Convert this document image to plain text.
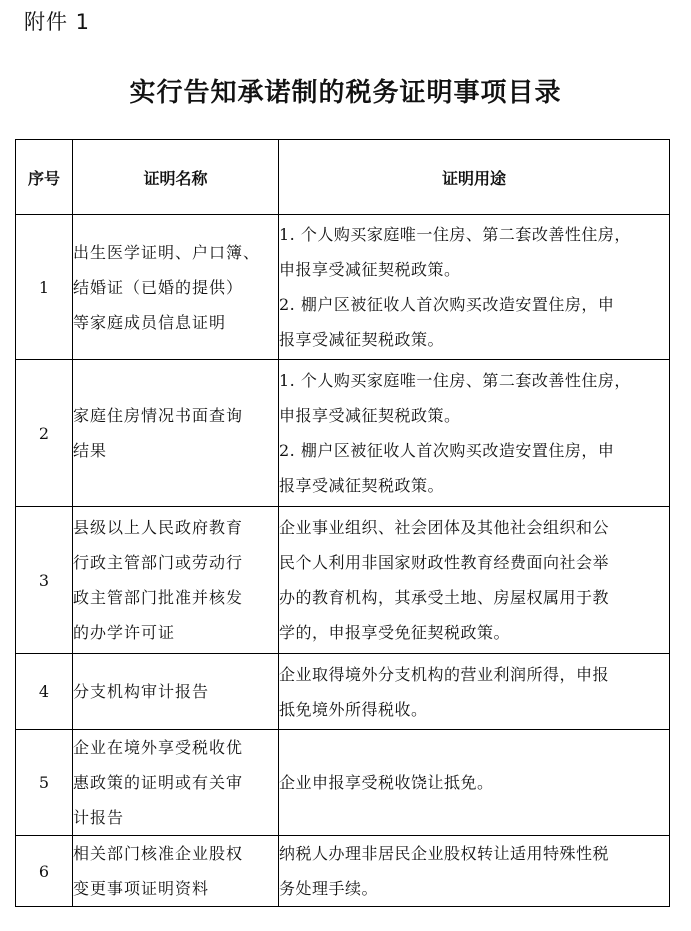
附件 1
实行告知承诺制的税务证明事项目录
序号	证明名称	证明用途
1	出生医学证明、户口簿、
结婚证（已婚的提供）
等家庭成员信息证明	1. 个人购买家庭唯一住房、第二套改善性住房，
申报享受减征契税政策。
2. 棚户区被征收人首次购买改造安置住房，申
报享受减征契税政策。

2	家庭住房情况书面查询
结果	1. 个人购买家庭唯一住房、第二套改善性住房，
申报享受减征契税政策。
2. 棚户区被征收人首次购买改造安置住房，申
报享受减征契税政策。

3	县级以上人民政府教育
行政主管部门或劳动行
政主管部门批准并核发
的办学许可证	企业事业组织、社会团体及其他社会组织和公
民个人利用非国家财政性教育经费面向社会举
办的教育机构，其承受土地、房屋权属用于教
学的，申报享受免征契税政策。

4	分支机构审计报告	企业取得境外分支机构的营业利润所得，申报
抵免境外所得税收。

5	企业在境外享受税收优
惠政策的证明或有关审
计报告	企业申报享受税收饶让抵免。

6	相关部门核准企业股权
变更事项证明资料	纳税人办理非居民企业股权转让适用特殊性税
务处理手续。
